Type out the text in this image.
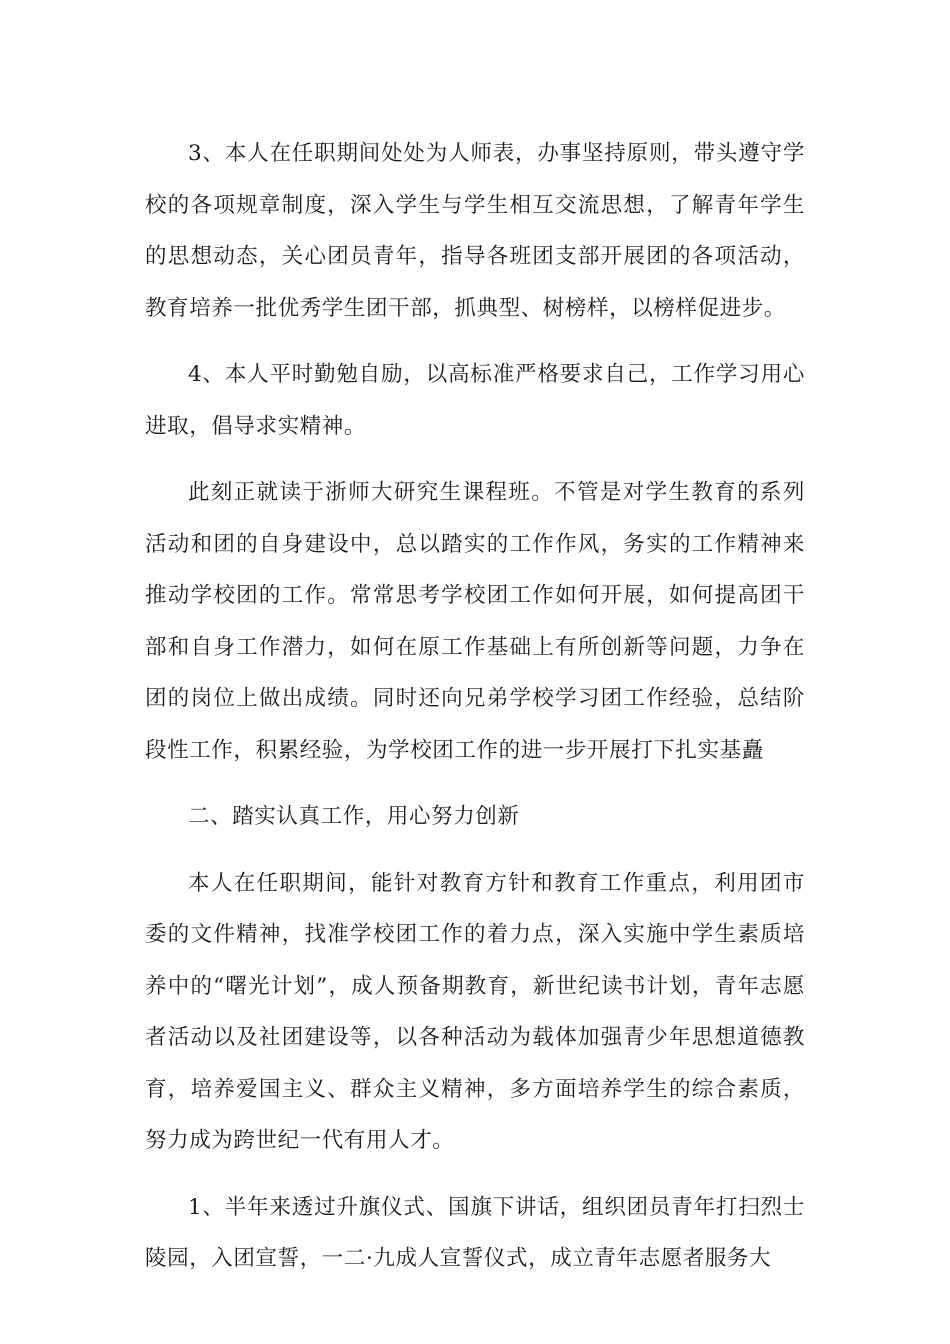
3、本人在任职期间处处为人师表，办事坚持原则，带头遵守学校的各项规章制度，深入学生与学生相互交流思想，了解青年学生的思想动态，关心团员青年，指导各班团支部开展团的各项活动，教育培养一批优秀学生团干部，抓典型、树榜样，以榜样促进步。

4、本人平时勤勉自励，以高标准严格要求自己，工作学习用心进取，倡导求实精神。

此刻正就读于浙师大研究生课程班。不管是对学生教育的系列活动和团的自身建设中，总以踏实的工作作风，务实的工作精神来推动学校团的工作。常常思考学校团工作如何开展，如何提高团干部和自身工作潜力，如何在原工作基础上有所创新等问题，力争在团的岗位上做出成绩。同时还向兄弟学校学习团工作经验，总结阶段性工作，积累经验，为学校团工作的进一步开展打下扎实基矗

二、踏实认真工作，用心努力创新

本人在任职期间，能针对教育方针和教育工作重点，利用团市委的文件精神，找准学校团工作的着力点，深入实施中学生素质培养中的“曙光计划”，成人预备期教育，新世纪读书计划，青年志愿者活动以及社团建设等，以各种活动为载体加强青少年思想道德教育，培养爱国主义、群众主义精神，多方面培养学生的综合素质，努力成为跨世纪一代有用人才。

1、半年来透过升旗仪式、国旗下讲话，组织团员青年打扫烈士陵园，入团宣誓，一二·九成人宣誓仪式，成立青年志愿者服务大
